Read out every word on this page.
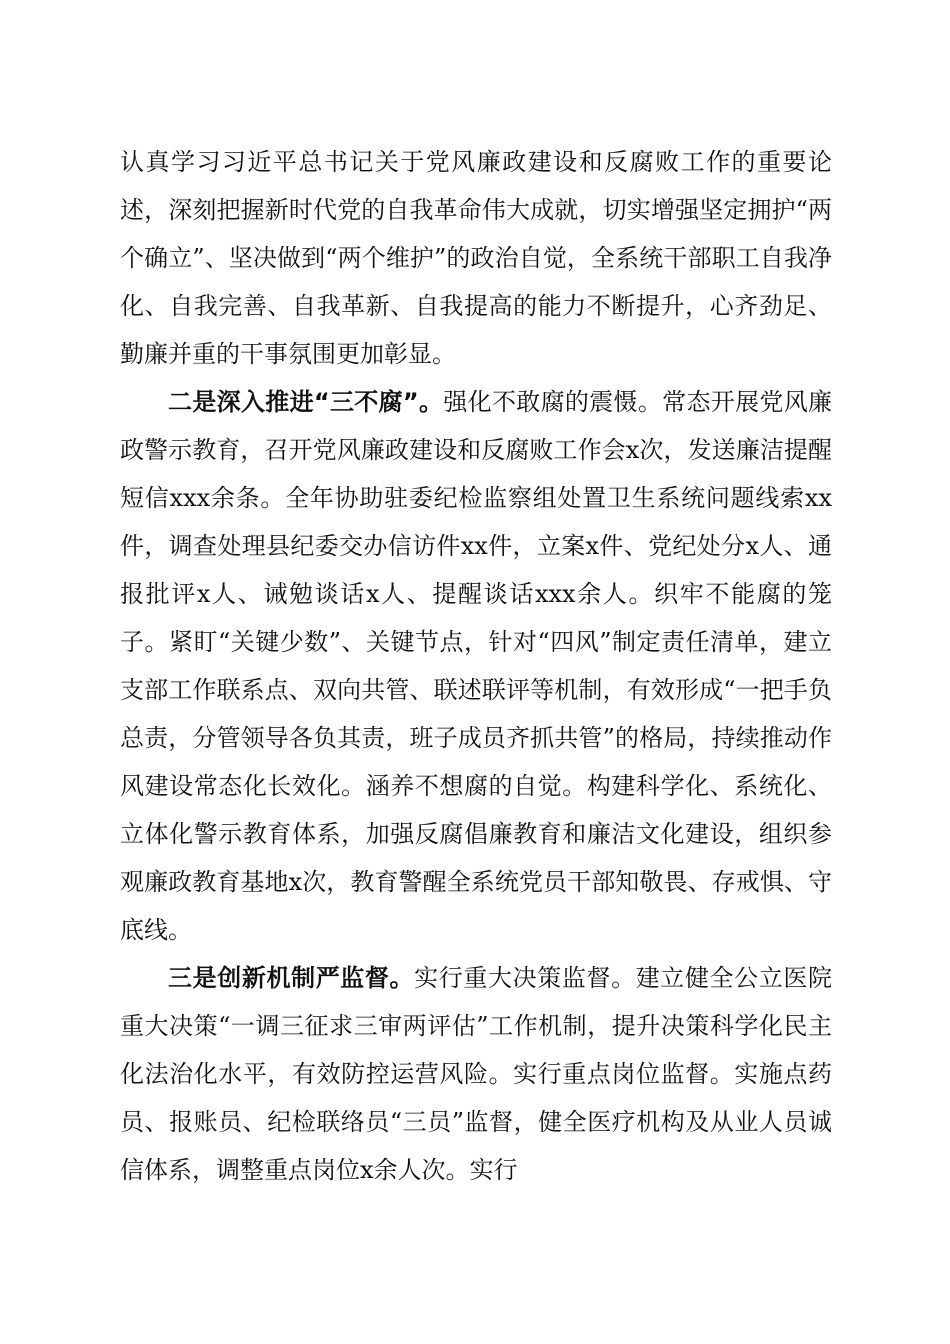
认真学习习近平总书记关于党风廉政建设和反腐败工作的重要论述，深刻把握新时代党的自我革命伟大成就，切实增强坚定拥护“两个确立”、坚决做到“两个维护”的政治自觉，全系统干部职工自我净化、自我完善、自我革新、自我提高的能力不断提升，心齐劲足、勤廉并重的干事氛围更加彰显。

二是深入推进“三不腐”。强化不敢腐的震慑。常态开展党风廉政警示教育，召开党风廉政建设和反腐败工作会x次，发送廉洁提醒短信xxx余条。全年协助驻委纪检监察组处置卫生系统问题线索xx件，调查处理县纪委交办信访件xx件，立案x件、党纪处分x人、通报批评x人、诫勉谈话x人、提醒谈话xxx余人。织牢不能腐的笼子。紧盯“关键少数”、关键节点，针对“四风”制定责任清单，建立支部工作联系点、双向共管、联述联评等机制，有效形成“一把手负总责，分管领导各负其责，班子成员齐抓共管”的格局，持续推动作风建设常态化长效化。涵养不想腐的自觉。构建科学化、系统化、立体化警示教育体系，加强反腐倡廉教育和廉洁文化建设，组织参观廉政教育基地x次，教育警醒全系统党员干部知敬畏、存戒惧、守底线。

三是创新机制严监督。实行重大决策监督。建立健全公立医院重大决策“一调三征求三审两评估”工作机制，提升决策科学化民主化法治化水平，有效防控运营风险。实行重点岗位监督。实施点药员、报账员、纪检联络员“三员”监督，健全医疗机构及从业人员诚信体系，调整重点岗位x余人次。实行
